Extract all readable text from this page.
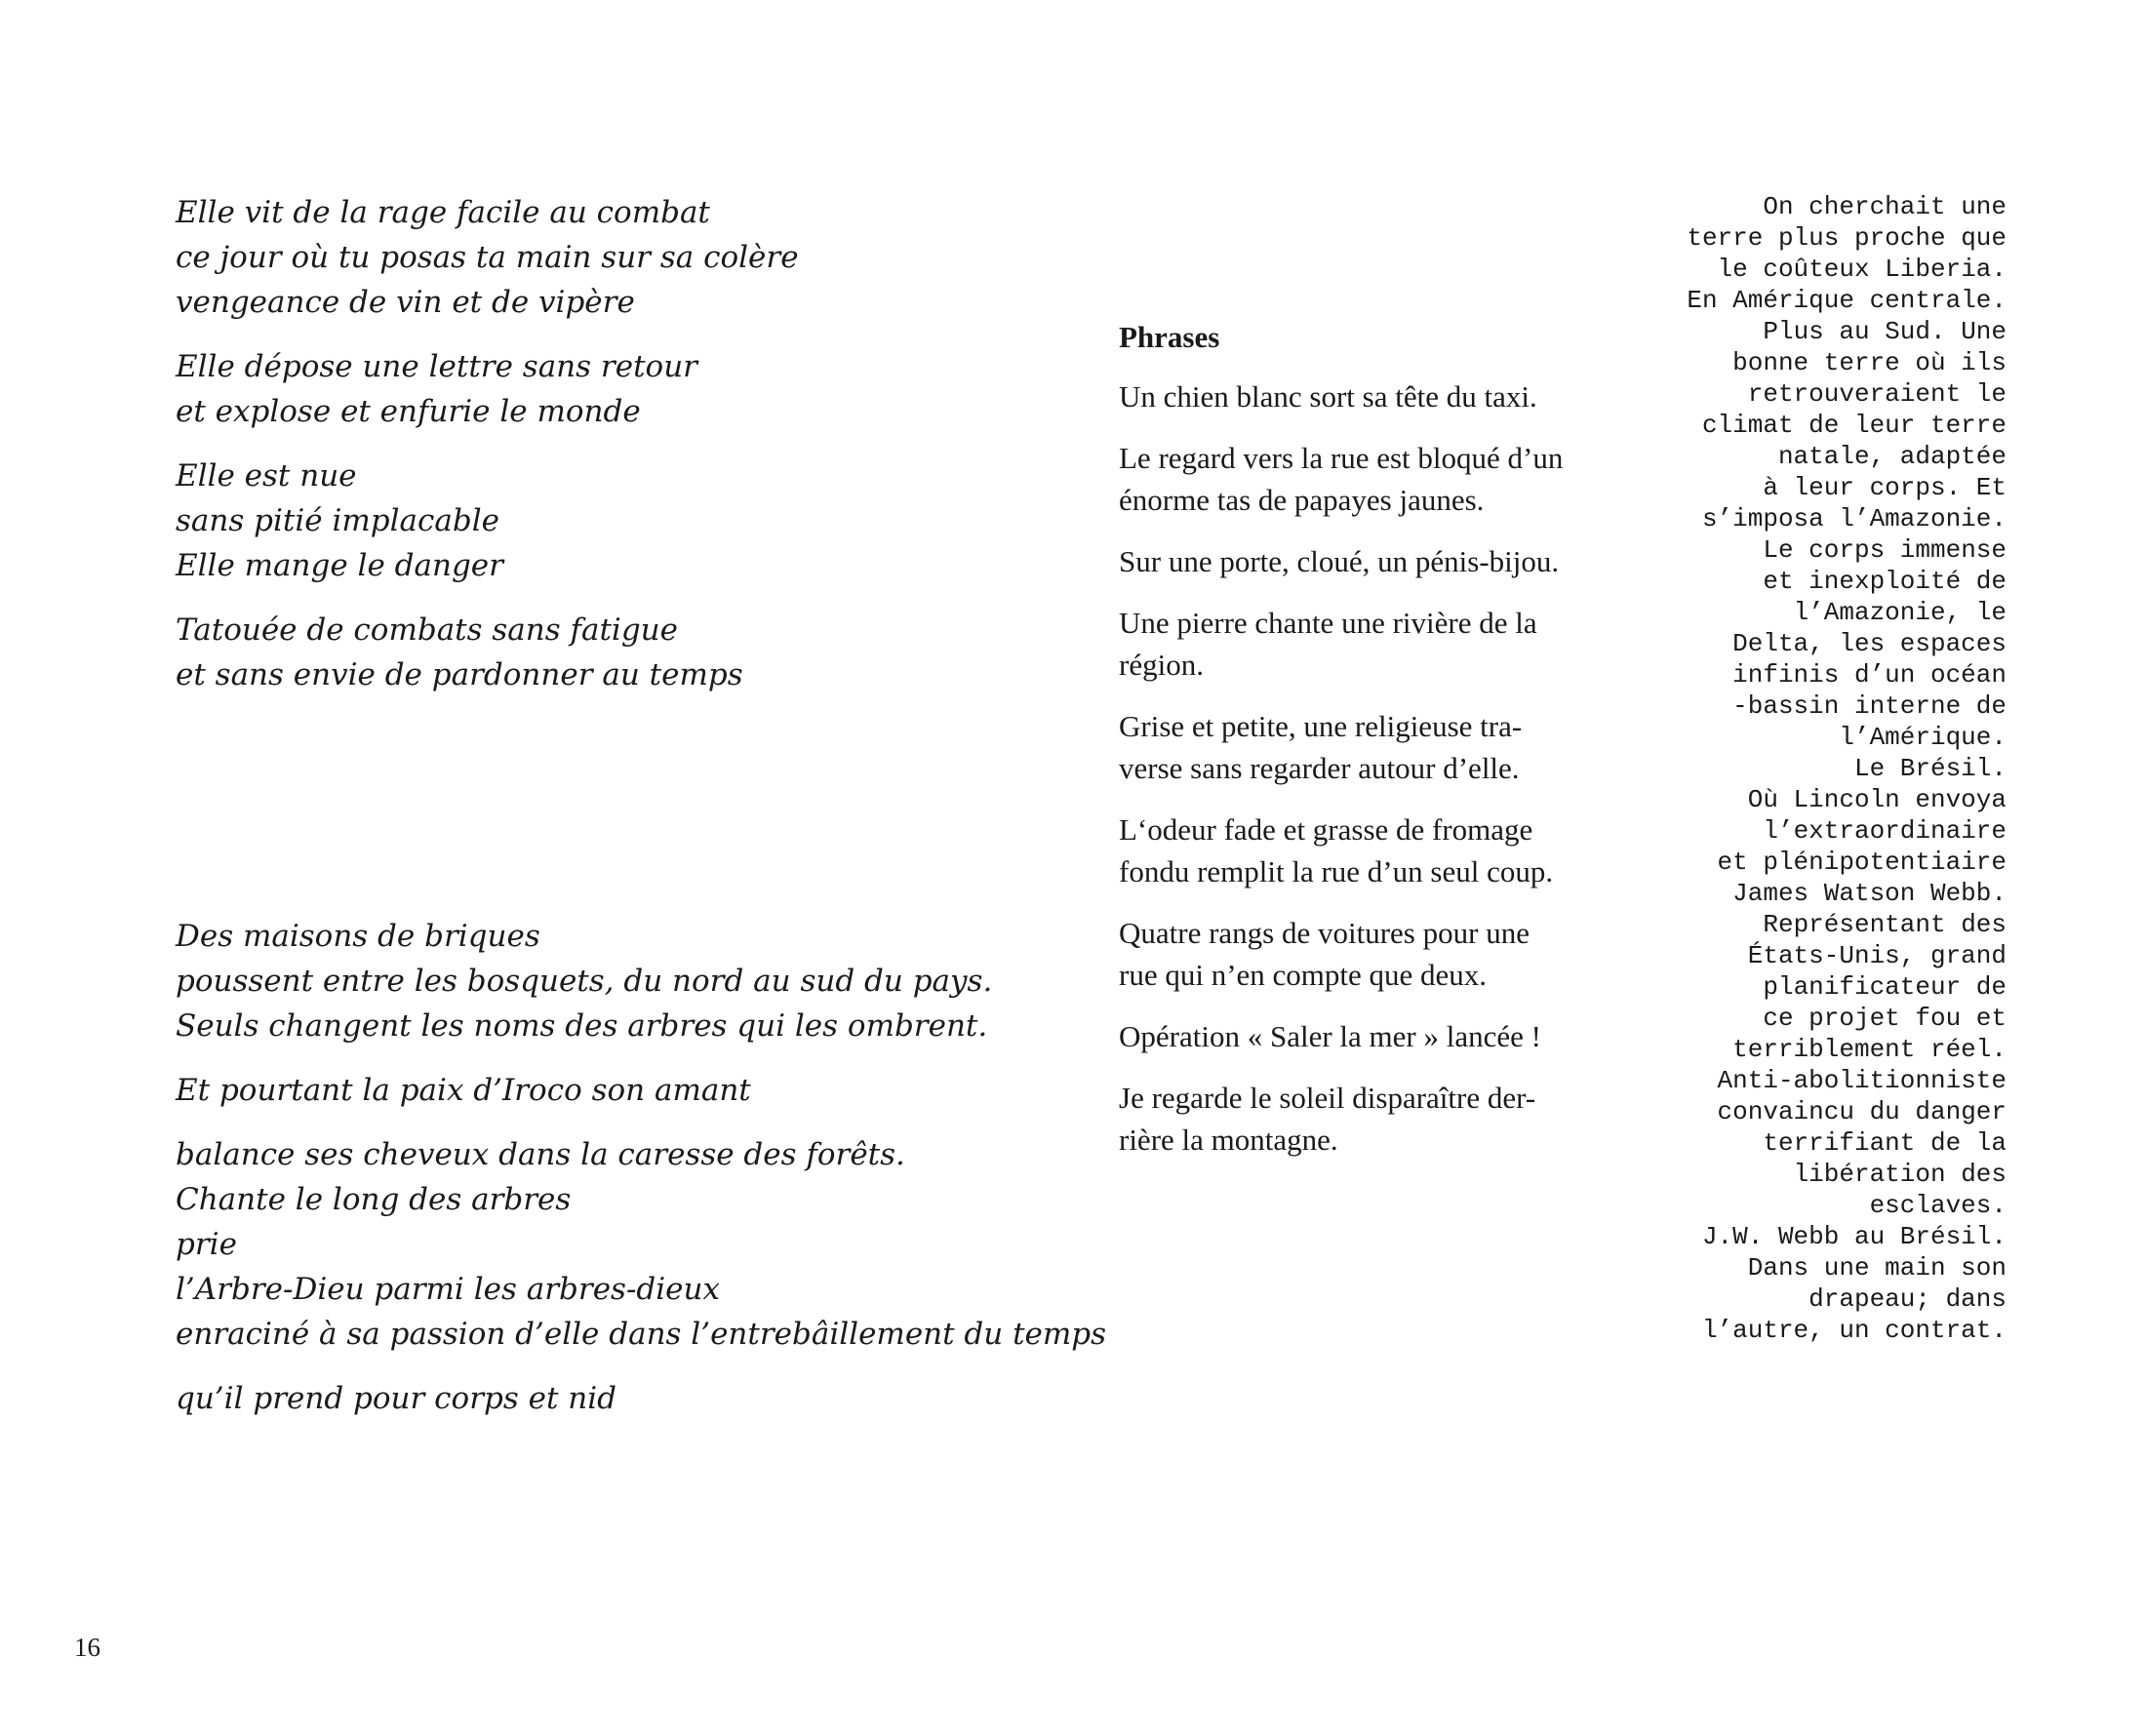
Elle vit de la rage facile au combat
ce jour où tu posas ta main sur sa colère
vengeance de vin et de vipère

Elle dépose une lettre sans retour
et explose et enfurie le monde

Elle est nue
sans pitié implacable
Elle mange le danger

Tatouée de combats sans fatigue
et sans envie de pardonner au temps

Des maisons de briques
poussent entre les bosquets, du nord au sud du pays.
Seuls changent les noms des arbres qui les ombrent.

Et pourtant la paix d’Iroco son amant

balance ses cheveux dans la caresse des forêts.
Chante le long des arbres
prie
l’Arbre-Dieu parmi les arbres-dieux
enraciné à sa passion d’elle dans l’entrebâillement du temps

qu’il prend pour corps et nid

Phrases

Un chien blanc sort sa tête du taxi.

Le regard vers la rue est bloqué d’un
énorme tas de papayes jaunes.

Sur une porte, cloué, un pénis-bijou.

Une pierre chante une rivière de la
région.

Grise et petite, une religieuse tra-
verse sans regarder autour d’elle.

L‘odeur fade et grasse de fromage
fondu remplit la rue d’un seul coup.

Quatre rangs de voitures pour une
rue qui n’en compte que deux.

Opération « Saler la mer » lancée !

Je regarde le soleil disparaître der-
rière la montagne.

On cherchait une
terre plus proche que
le coûteux Liberia.
En Amérique centrale.
Plus au Sud. Une
bonne terre où ils
retrouveraient le
climat de leur terre
natale, adaptée
à leur corps. Et
s’imposa l’Amazonie.
Le corps immense
et inexploité de
l’Amazonie, le
Delta, les espaces
infinis d’un océan
-bassin interne de
l’Amérique.
Le Brésil.
Où Lincoln envoya
l’extraordinaire
et plénipotentiaire
James Watson Webb.
Représentant des
États-Unis, grand
planificateur de
ce projet fou et
terriblement réel.
Anti-abolitionniste
convaincu du danger
terrifiant de la
libération des
esclaves.
J.W. Webb au Brésil.
Dans une main son
drapeau; dans
l’autre, un contrat.
16
